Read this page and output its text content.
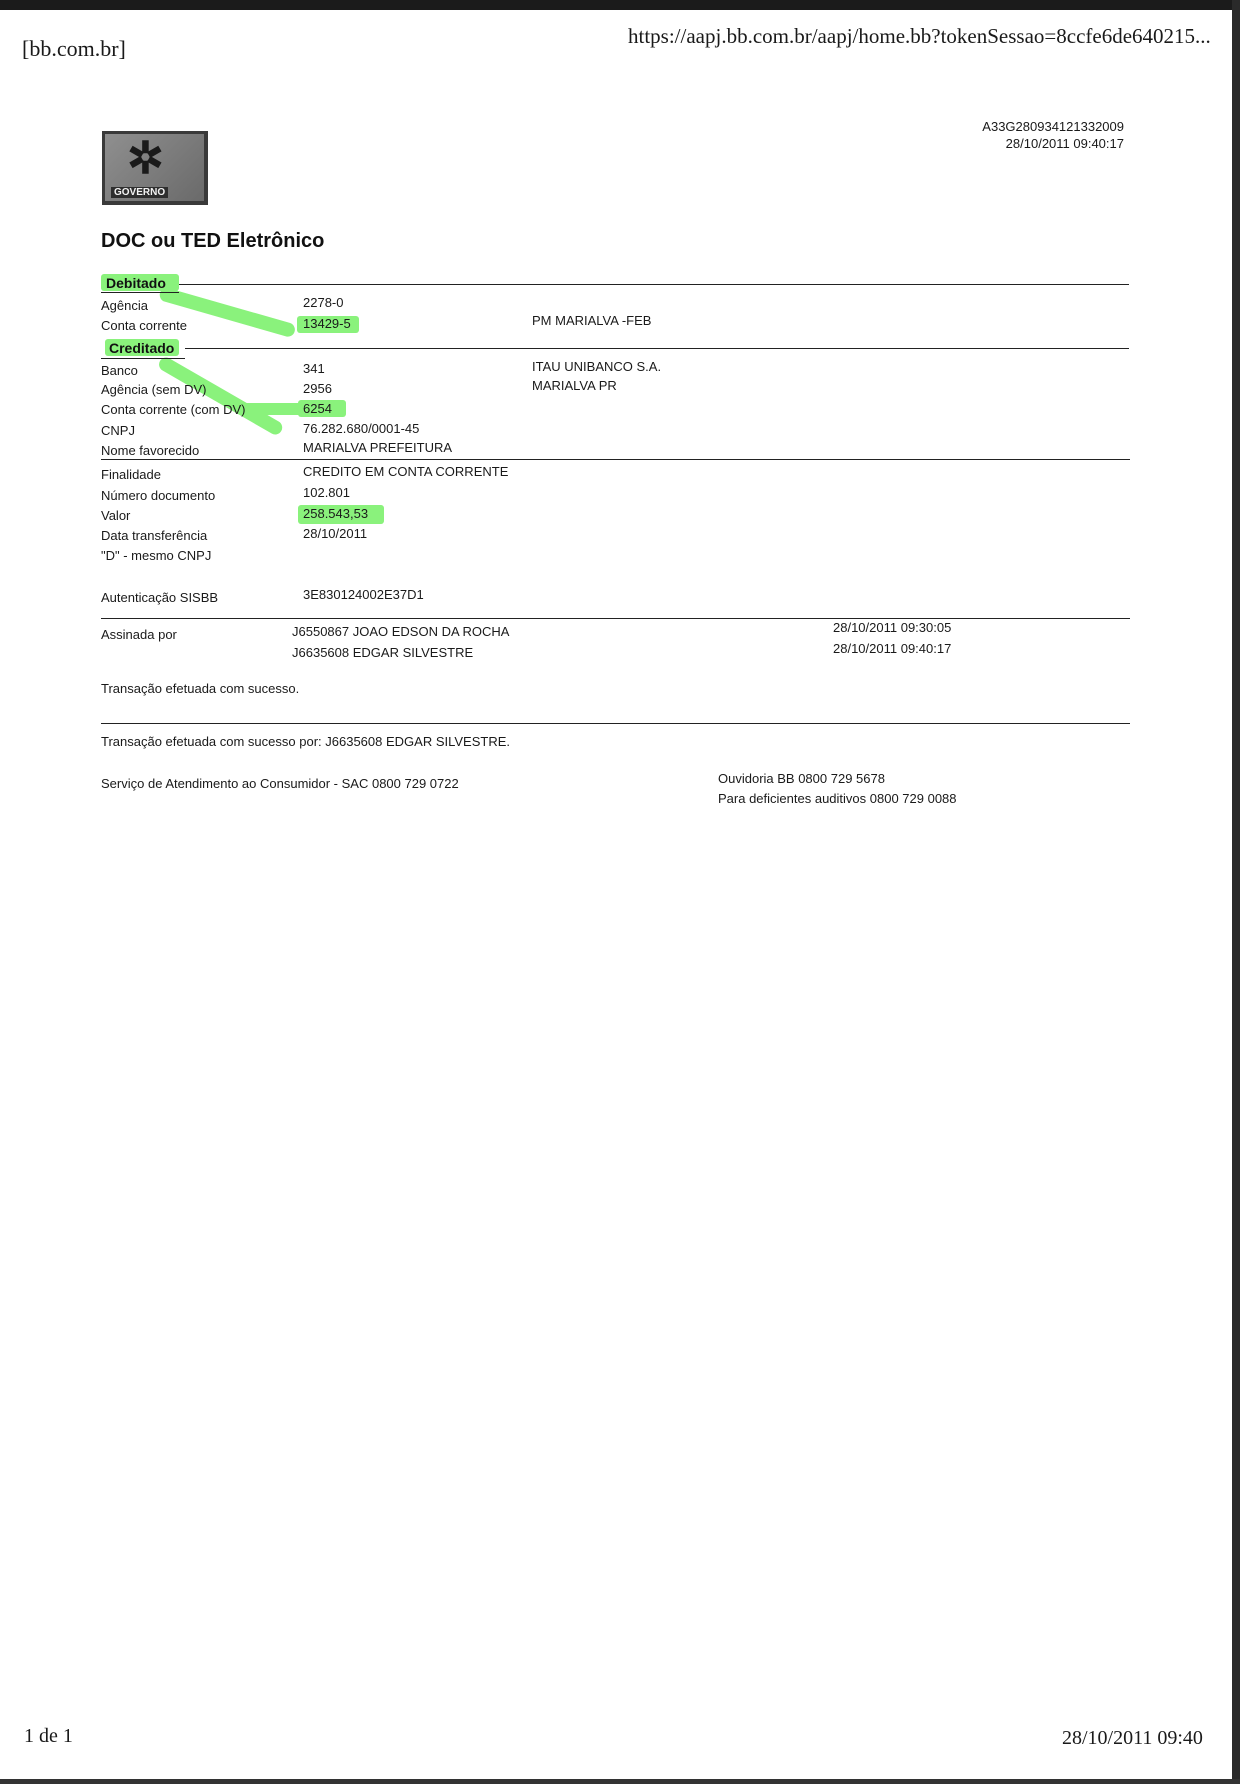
[bb.com.br]	https://aapj.bb.com.br/aapj/home.bb?tokenSessao=8ccfe6de640215...
A33G280934121332009
28/10/2011 09:40:17
✲
GOVERNO
DOC ou TED Eletrônico
Debitado
Agência	2278-0
Conta corrente	13429-5	PM MARIALVA -FEB
Creditado
Banco	341	ITAU UNIBANCO S.A.
Agência (sem DV)	2956	MARIALVA PR
Conta corrente (com DV)	6254
CNPJ	76.282.680/0001-45
Nome favorecido	MARIALVA PREFEITURA
Finalidade	CREDITO EM CONTA CORRENTE
Número documento	102.801
Valor	258.543,53
Data transferência	28/10/2011
"D" - mesmo CNPJ
Autenticação SISBB	3E830124002E37D1
Assinada por	J6550867 JOAO EDSON DA ROCHA	28/10/2011 09:30:05
J6635608 EDGAR SILVESTRE	28/10/2011 09:40:17
Transação efetuada com sucesso.
Transação efetuada com sucesso por: J6635608 EDGAR SILVESTRE.
Serviço de Atendimento ao Consumidor - SAC 0800 729 0722	Ouvidoria BB 0800 729 5678
Para deficientes auditivos 0800 729 0088
1 de 1	28/10/2011 09:40
